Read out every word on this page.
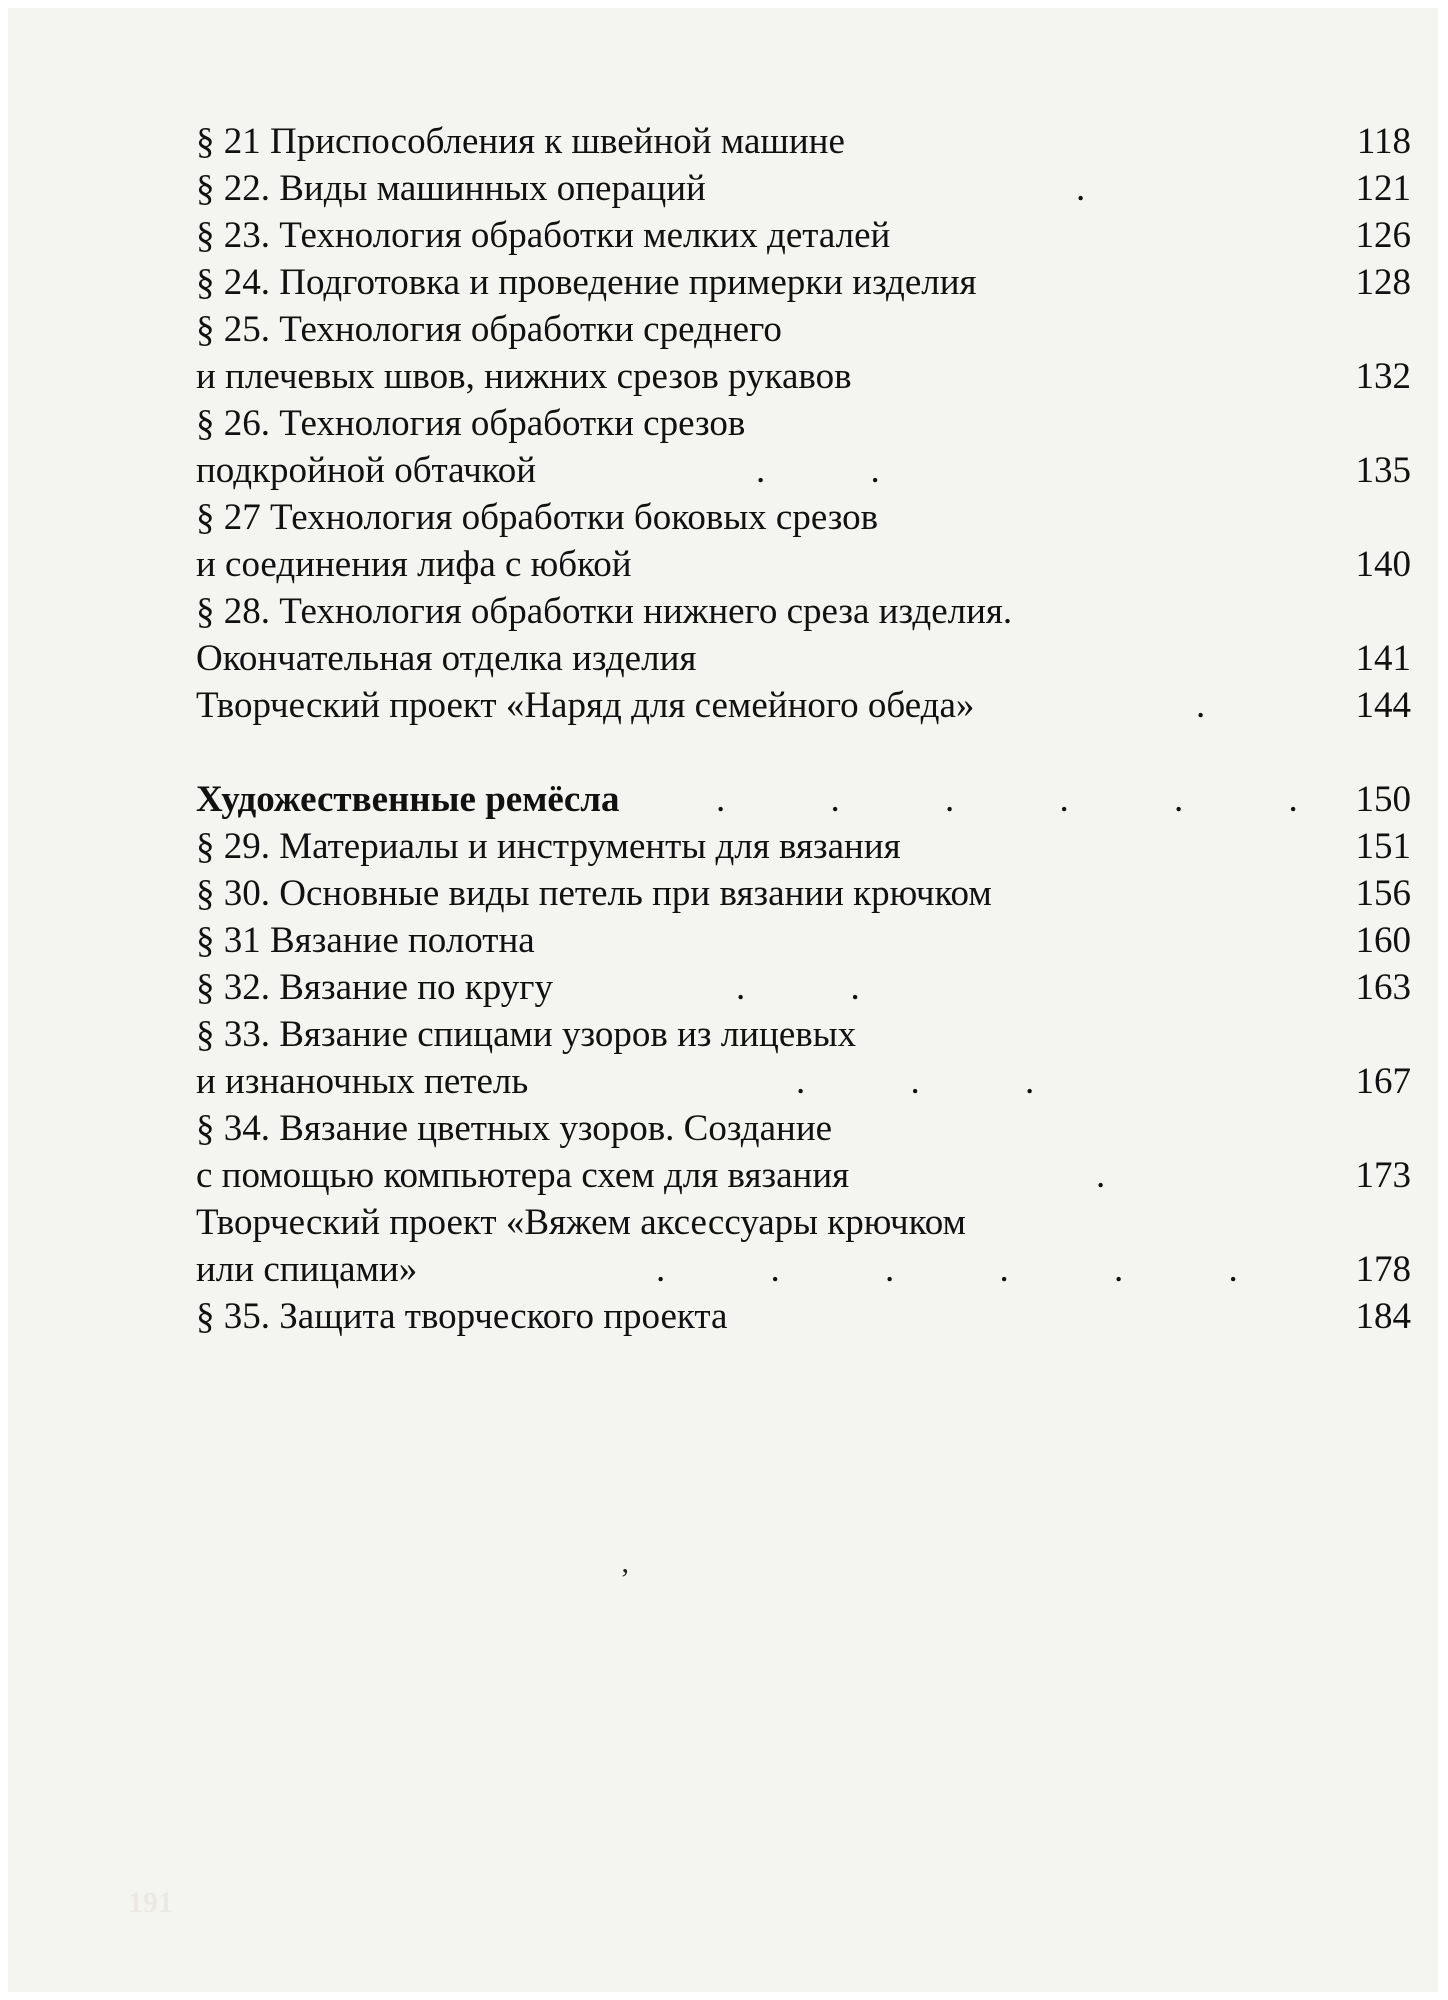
§ 21 Приспособления к швейной машине	118
§ 22. Виды машинных операций	.	121
§ 23. Технология обработки мелких деталей	126
§ 24. Подготовка и проведение примерки изделия	128
§ 25. Технология обработки среднего
и плечевых швов, нижних срезов рукавов	132
§ 26. Технология обработки срезов
подкройной обтачкой	. .	135
§ 27 Технология обработки боковых срезов
и соединения лифа с юбкой	140
§ 28. Технология обработки нижнего среза изделия.
Окончательная отделка изделия	141
Творческий проект «Наряд для семейного обеда»	.	144
Художественные ремёсла	. . . . . . 150
§ 29. Материалы и инструменты для вязания	151
§ 30. Основные виды петель при вязании крючком	156
§ 31 Вязание полотна	160
§ 32. Вязание по кругу	. .	163
§ 33. Вязание спицами узоров из лицевых
и изнаночных петель	. . .	167
§ 34. Вязание цветных узоров. Создание
с помощью компьютера схем для вязания	.	173
Творческий проект «Вяжем аксессуары крючком
или спицами»	. . . . . .	178
§ 35. Защита творческого проекта	184
191
ʼ
